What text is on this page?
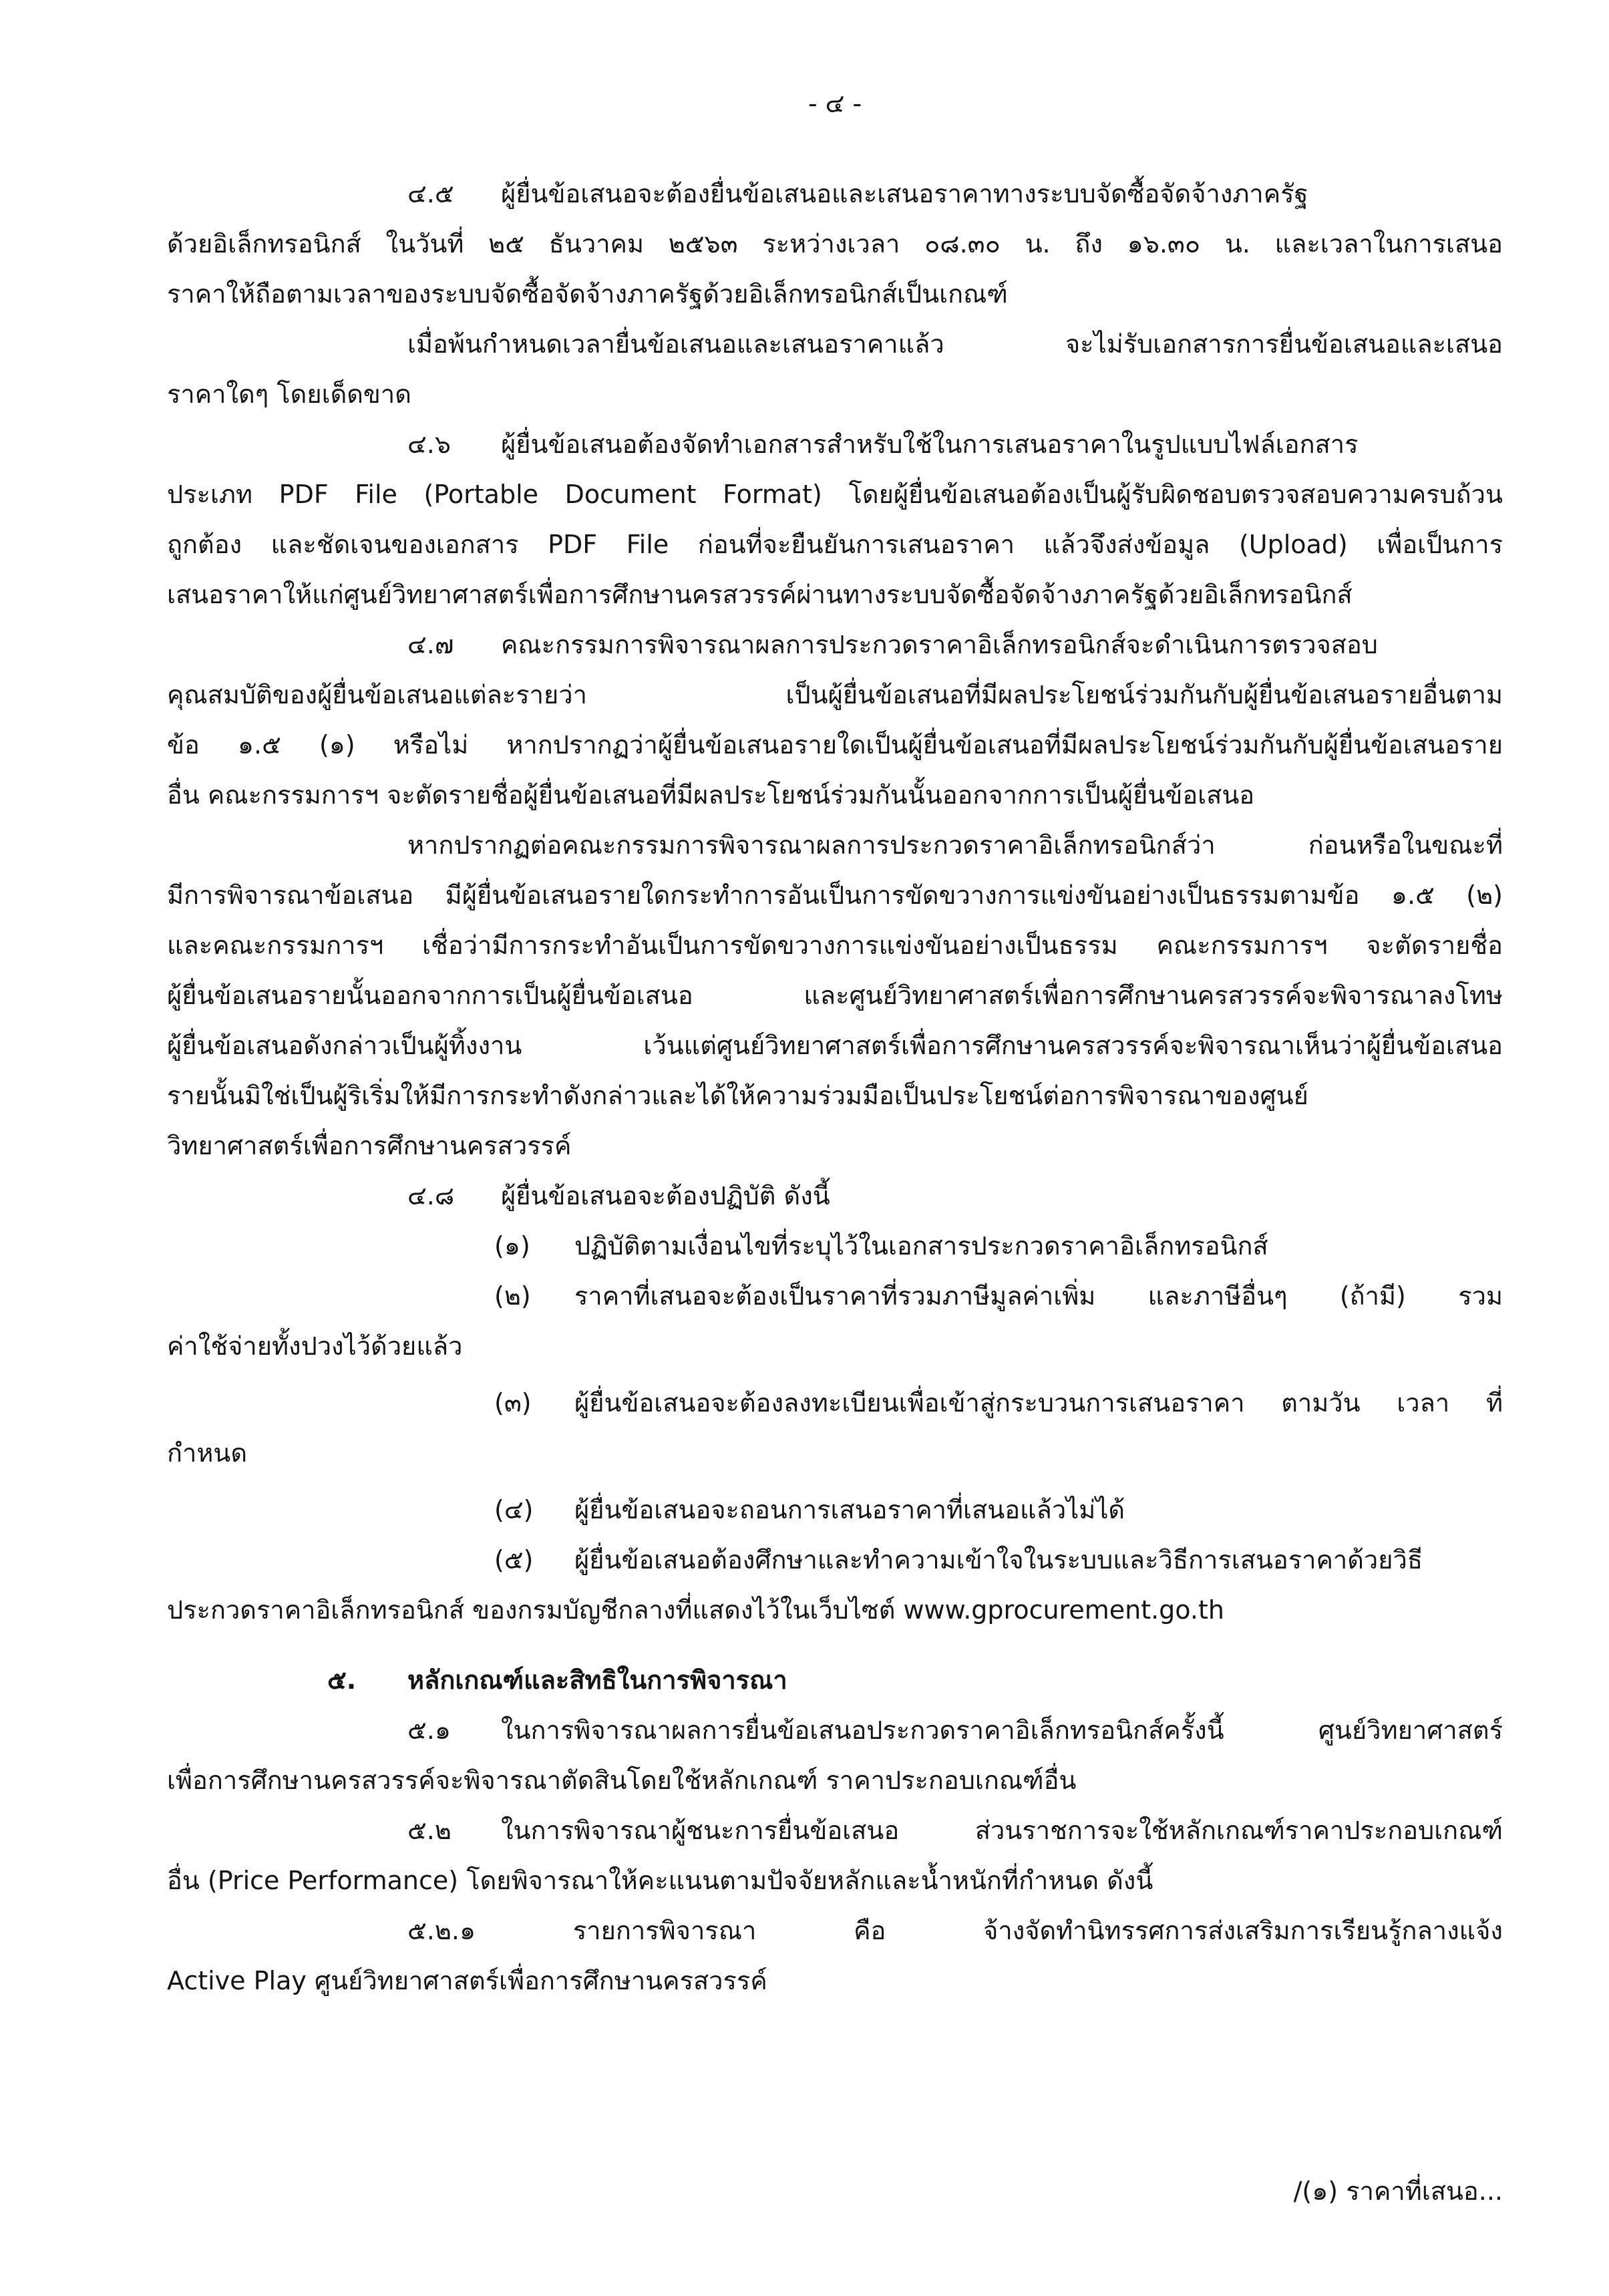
- ๔ -
๔.๕ ผู้ยื่นข้อเสนอจะต้องยื่นข้อเสนอและเสนอราคาทางระบบจัดซื้อจัดจ้างภาครัฐ
ด้วยอิเล็กทรอนิกส์ ในวันที่ ๒๕ ธันวาคม ๒๕๖๓ ระหว่างเวลา ๐๘.๓๐ น. ถึง ๑๖.๓๐ น. และเวลาในการเสนอ
ราคาให้ถือตามเวลาของระบบจัดซื้อจัดจ้างภาครัฐด้วยอิเล็กทรอนิกส์เป็นเกณฑ์
เมื่อพ้นกำหนดเวลายื่นข้อเสนอและเสนอราคาแล้ว จะไม่รับเอกสารการยื่นข้อเสนอและเสนอ
ราคาใดๆ โดยเด็ดขาด
๔.๖ ผู้ยื่นข้อเสนอต้องจัดทำเอกสารสำหรับใช้ในการเสนอราคาในรูปแบบไฟล์เอกสาร
ประเภท PDF File (Portable Document Format) โดยผู้ยื่นข้อเสนอต้องเป็นผู้รับผิดชอบตรวจสอบความครบถ้วน
ถูกต้อง และชัดเจนของเอกสาร PDF File ก่อนที่จะยืนยันการเสนอราคา แล้วจึงส่งข้อมูล (Upload) เพื่อเป็นการ
เสนอราคาให้แก่ศูนย์วิทยาศาสตร์เพื่อการศึกษานครสวรรค์ผ่านทางระบบจัดซื้อจัดจ้างภาครัฐด้วยอิเล็กทรอนิกส์
๔.๗ คณะกรรมการพิจารณาผลการประกวดราคาอิเล็กทรอนิกส์จะดำเนินการตรวจสอบ
คุณสมบัติของผู้ยื่นข้อเสนอแต่ละรายว่า เป็นผู้ยื่นข้อเสนอที่มีผลประโยชน์ร่วมกันกับผู้ยื่นข้อเสนอรายอื่นตาม
ข้อ ๑.๕ (๑) หรือไม่ หากปรากฏว่าผู้ยื่นข้อเสนอรายใดเป็นผู้ยื่นข้อเสนอที่มีผลประโยชน์ร่วมกันกับผู้ยื่นข้อเสนอราย
อื่น คณะกรรมการฯ จะตัดรายชื่อผู้ยื่นข้อเสนอที่มีผลประโยชน์ร่วมกันนั้นออกจากการเป็นผู้ยื่นข้อเสนอ
หากปรากฏต่อคณะกรรมการพิจารณาผลการประกวดราคาอิเล็กทรอนิกส์ว่า ก่อนหรือในขณะที่
มีการพิจารณาข้อเสนอ มีผู้ยื่นข้อเสนอรายใดกระทำการอันเป็นการขัดขวางการแข่งขันอย่างเป็นธรรมตามข้อ ๑.๕ (๒)
และคณะกรรมการฯ เชื่อว่ามีการกระทำอันเป็นการขัดขวางการแข่งขันอย่างเป็นธรรม คณะกรรมการฯ จะตัดรายชื่อ
ผู้ยื่นข้อเสนอรายนั้นออกจากการเป็นผู้ยื่นข้อเสนอ และศูนย์วิทยาศาสตร์เพื่อการศึกษานครสวรรค์จะพิจารณาลงโทษ
ผู้ยื่นข้อเสนอดังกล่าวเป็นผู้ทิ้งงาน เว้นแต่ศูนย์วิทยาศาสตร์เพื่อการศึกษานครสวรรค์จะพิจารณาเห็นว่าผู้ยื่นข้อเสนอ
รายนั้นมิใช่เป็นผู้ริเริ่มให้มีการกระทำดังกล่าวและได้ให้ความร่วมมือเป็นประโยชน์ต่อการพิจารณาของศูนย์
วิทยาศาสตร์เพื่อการศึกษานครสวรรค์
๔.๘ ผู้ยื่นข้อเสนอจะต้องปฏิบัติ ดังนี้
(๑) ปฏิบัติตามเงื่อนไขที่ระบุไว้ในเอกสารประกวดราคาอิเล็กทรอนิกส์
(๒) ราคาที่เสนอจะต้องเป็นราคาที่รวมภาษีมูลค่าเพิ่ม และภาษีอื่นๆ (ถ้ามี) รวม
ค่าใช้จ่ายทั้งปวงไว้ด้วยแล้ว
(๓) ผู้ยื่นข้อเสนอจะต้องลงทะเบียนเพื่อเข้าสู่กระบวนการเสนอราคา ตามวัน เวลา ที่
กำหนด
(๔) ผู้ยื่นข้อเสนอจะถอนการเสนอราคาที่เสนอแล้วไม่ได้
(๕) ผู้ยื่นข้อเสนอต้องศึกษาและทำความเข้าใจในระบบและวิธีการเสนอราคาด้วยวิธี
ประกวดราคาอิเล็กทรอนิกส์ ของกรมบัญชีกลางที่แสดงไว้ในเว็บไซต์ www.gprocurement.go.th
๕. หลักเกณฑ์และสิทธิในการพิจารณา
๕.๑ ในการพิจารณาผลการยื่นข้อเสนอประกวดราคาอิเล็กทรอนิกส์ครั้งนี้ ศูนย์วิทยาศาสตร์
เพื่อการศึกษานครสวรรค์จะพิจารณาตัดสินโดยใช้หลักเกณฑ์ ราคาประกอบเกณฑ์อื่น
๕.๒ ในการพิจารณาผู้ชนะการยื่นข้อเสนอ ส่วนราชการจะใช้หลักเกณฑ์ราคาประกอบเกณฑ์
อื่น (Price Performance) โดยพิจารณาให้คะแนนตามปัจจัยหลักและน้ำหนักที่กำหนด ดังนี้
๕.๒.๑ รายการพิจารณา คือ จ้างจัดทำนิทรรศการส่งเสริมการเรียนรู้กลางแจ้ง
Active Play ศูนย์วิทยาศาสตร์เพื่อการศึกษานครสวรรค์
/(๑) ราคาที่เสนอ...
